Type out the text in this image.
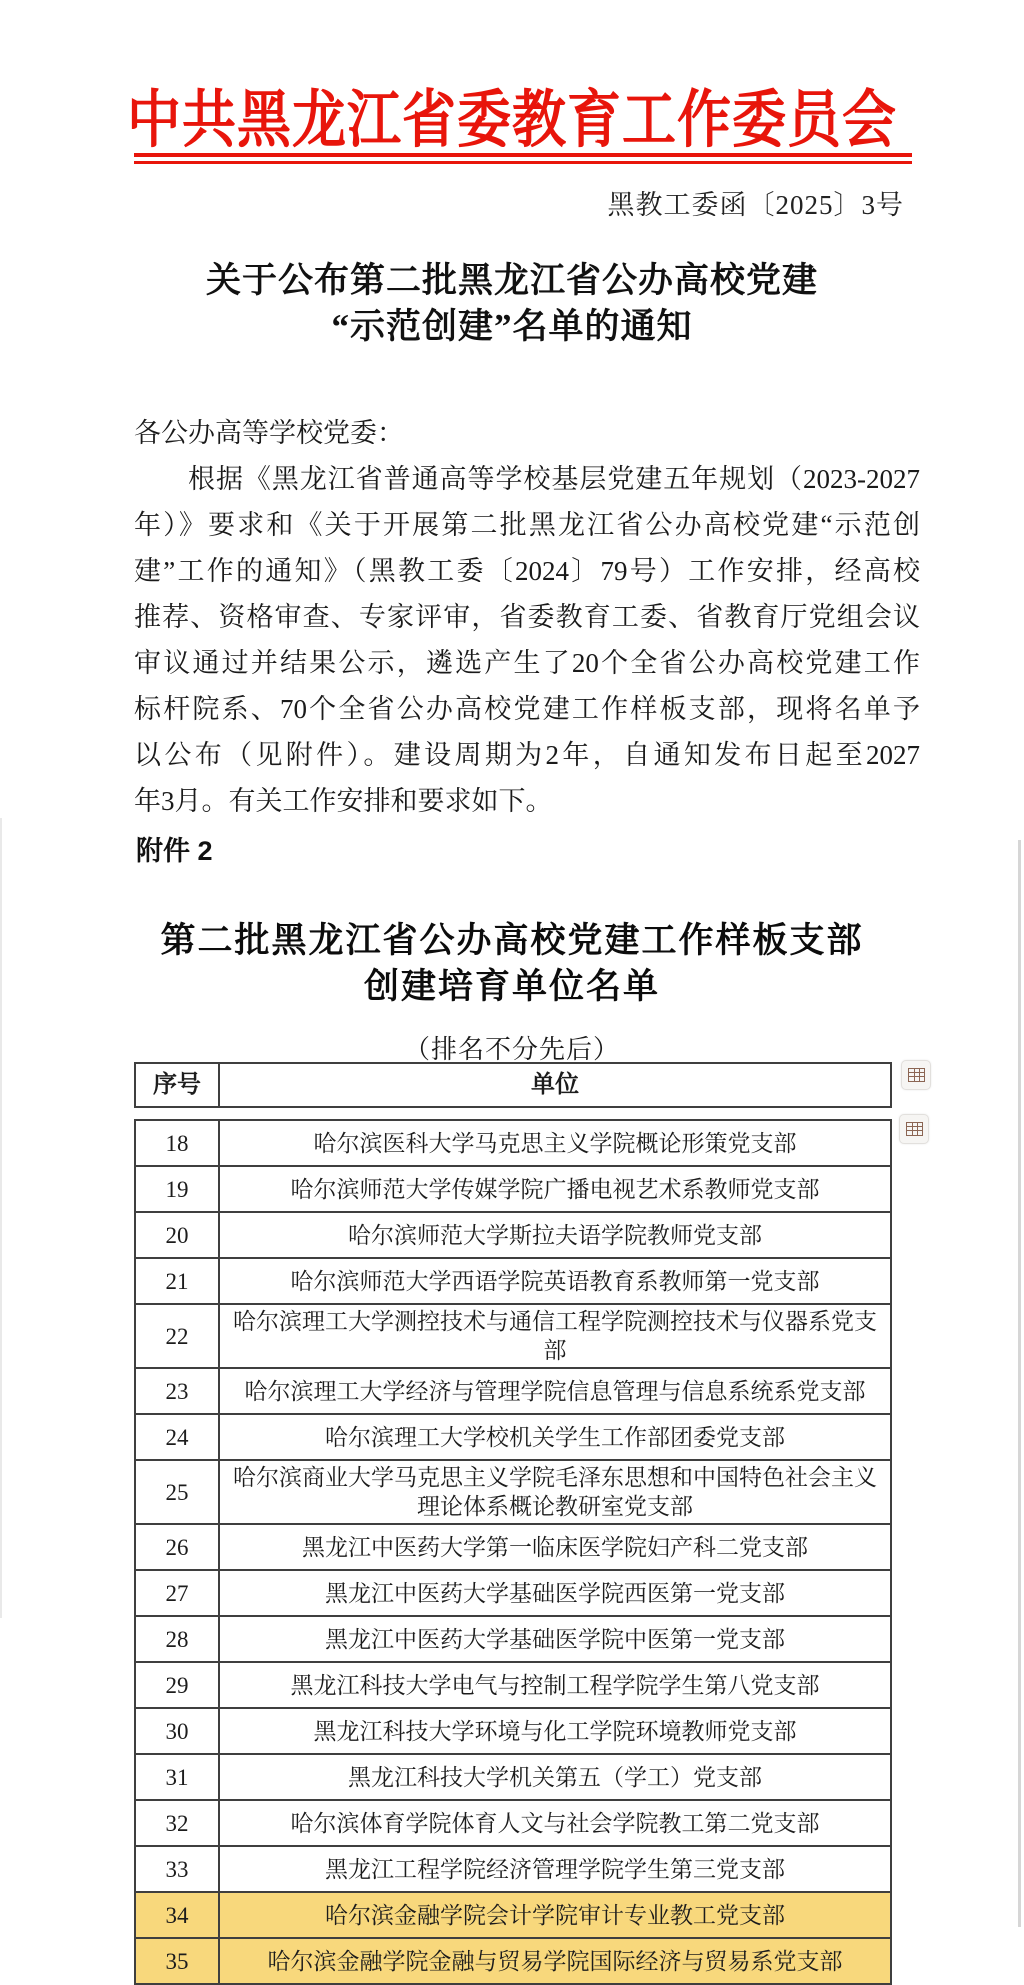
中共黑龙江省委教育工作委员会
黑教工委函〔2025〕3号
关于公布第二批黑龙江省公办高校党建
“示范创建”名单的通知
各公办高等学校党委：
根据《黑龙江省普通高等学校基层党建五年规划（2023-2027
年）》要求和《关于开展第二批黑龙江省公办高校党建“示范创
建”工作的通知》（黑教工委〔2024〕79号）工作安排，经高校
推荐、资格审查、专家评审，省委教育工委、省教育厅党组会议
审议通过并结果公示，遴选产生了20个全省公办高校党建工作
标杆院系、70个全省公办高校党建工作样板支部，现将名单予
以公布（见附件）。建设周期为2年，自通知发布日起至2027
年3月。有关工作安排和要求如下。
附件 2
第二批黑龙江省公办高校党建工作样板支部
创建培育单位名单
（排名不分先后）
序号	单位
18	哈尔滨医科大学马克思主义学院概论形策党支部
19	哈尔滨师范大学传媒学院广播电视艺术系教师党支部
20	哈尔滨师范大学斯拉夫语学院教师党支部
21	哈尔滨师范大学西语学院英语教育系教师第一党支部
22	哈尔滨理工大学测控技术与通信工程学院测控技术与仪器系党支部
23	哈尔滨理工大学经济与管理学院信息管理与信息系统系党支部
24	哈尔滨理工大学校机关学生工作部团委党支部
25	哈尔滨商业大学马克思主义学院毛泽东思想和中国特色社会主义理论体系概论教研室党支部
26	黑龙江中医药大学第一临床医学院妇产科二党支部
27	黑龙江中医药大学基础医学院西医第一党支部
28	黑龙江中医药大学基础医学院中医第一党支部
29	黑龙江科技大学电气与控制工程学院学生第八党支部
30	黑龙江科技大学环境与化工学院环境教师党支部
31	黑龙江科技大学机关第五（学工）党支部
32	哈尔滨体育学院体育人文与社会学院教工第二党支部
33	黑龙江工程学院经济管理学院学生第三党支部
34	哈尔滨金融学院会计学院审计专业教工党支部
35	哈尔滨金融学院金融与贸易学院国际经济与贸易系党支部
